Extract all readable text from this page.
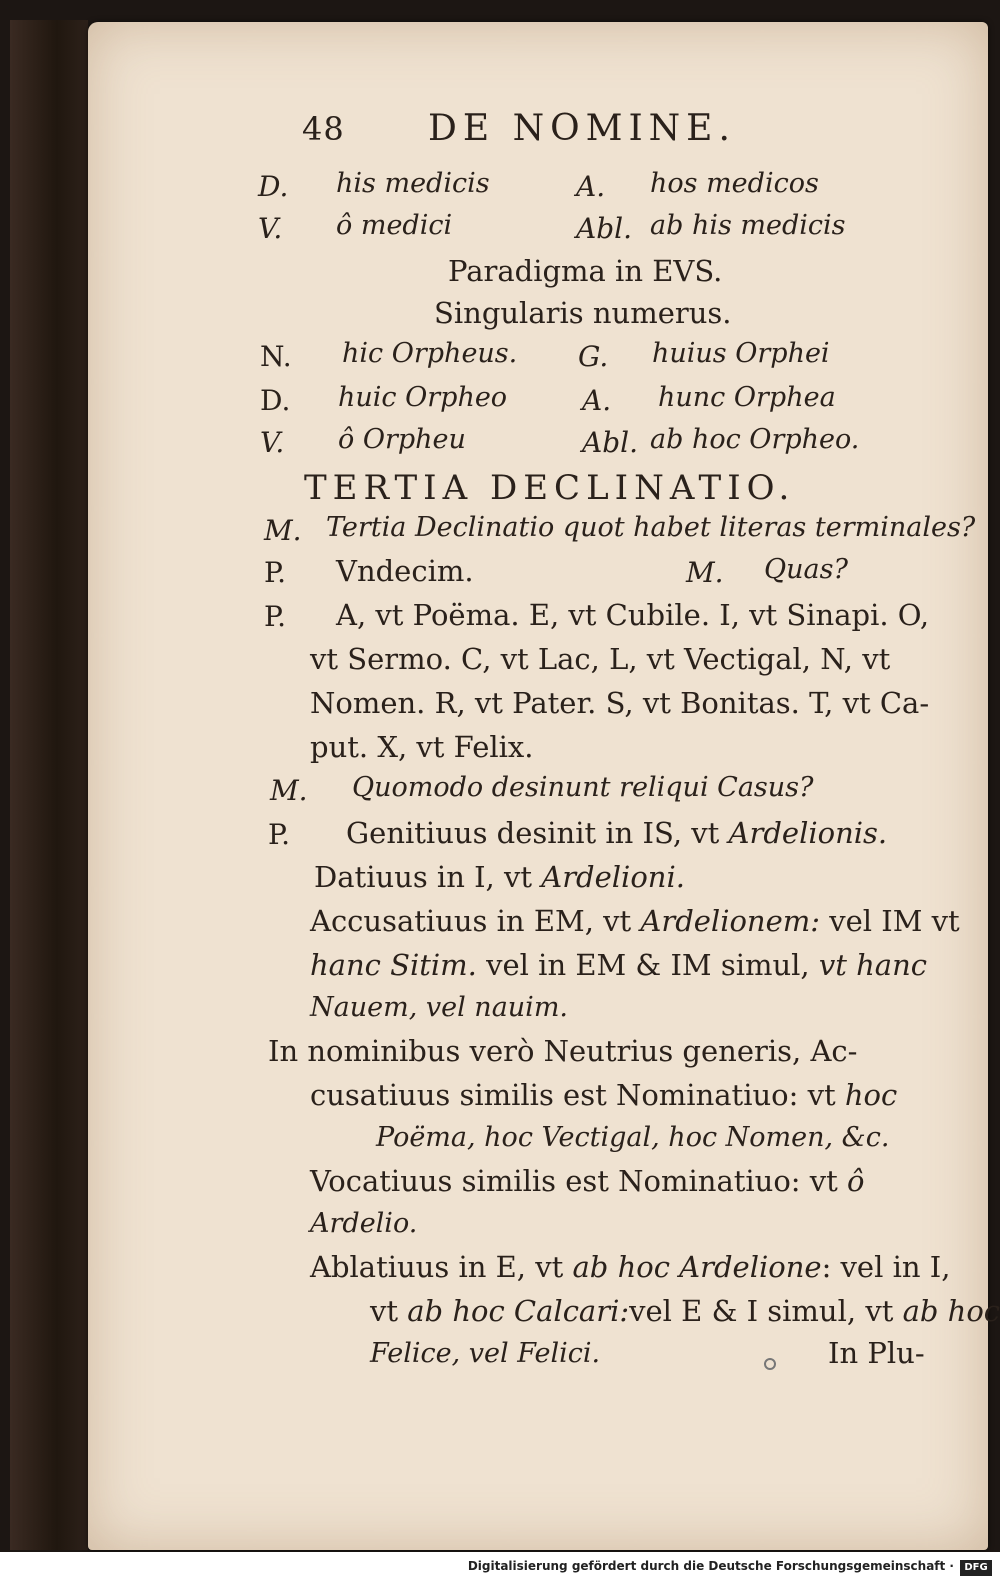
48 DE NOMINE.
D. his medicis	A. hos medicos
V. ô medici	Abl. ab his medicis
Paradigma in EVS.
Singularis numerus.
N. hic Orpheus. G. huius Orphei
D. huic Orpheo	A. hunc Orphea
V. ô Orpheu	Abl. ab hoc Orpheo.
TERTIA DECLINATIO.
M. Tertia Declinatio quot habet literas terminales?
P. Vndecim.	M. Quas?
P. A, vt Poëma. E, vt Cubile. I, vt Sinapi. O,
vt Sermo. C, vt Lac, L, vt Vectigal, N, vt
Nomen. R, vt Pater. S, vt Bonitas. T, vt Ca-
put. X, vt Felix.
M. Quomodo desinunt reliqui Casus?
P. Genitiuus desinit in IS, vt Ardelionis.
Datiuus in I, vt Ardelioni.
Accusatiuus in EM, vt Ardelionem: vel IM vt
hanc Sitim. vel in EM & IM simul, vt hanc
Nauem, vel nauim.
In nominibus verò Neutrius generis, Ac-
cusatiuus similis est Nominatiuo: vt hoc
Poëma, hoc Vectigal, hoc Nomen, &c.
Vocatiuus similis est Nominatiuo: vt ô
Ardelio.
Ablatiuus in E, vt ab hoc Ardelione: vel in I,
vt ab hoc Calcari:vel E & I simul, vt ab hoc
Felice, vel Felici.	In Plu-
Digitalisierung gefördert durch die Deutsche Forschungsgemeinschaft ·	DFG
